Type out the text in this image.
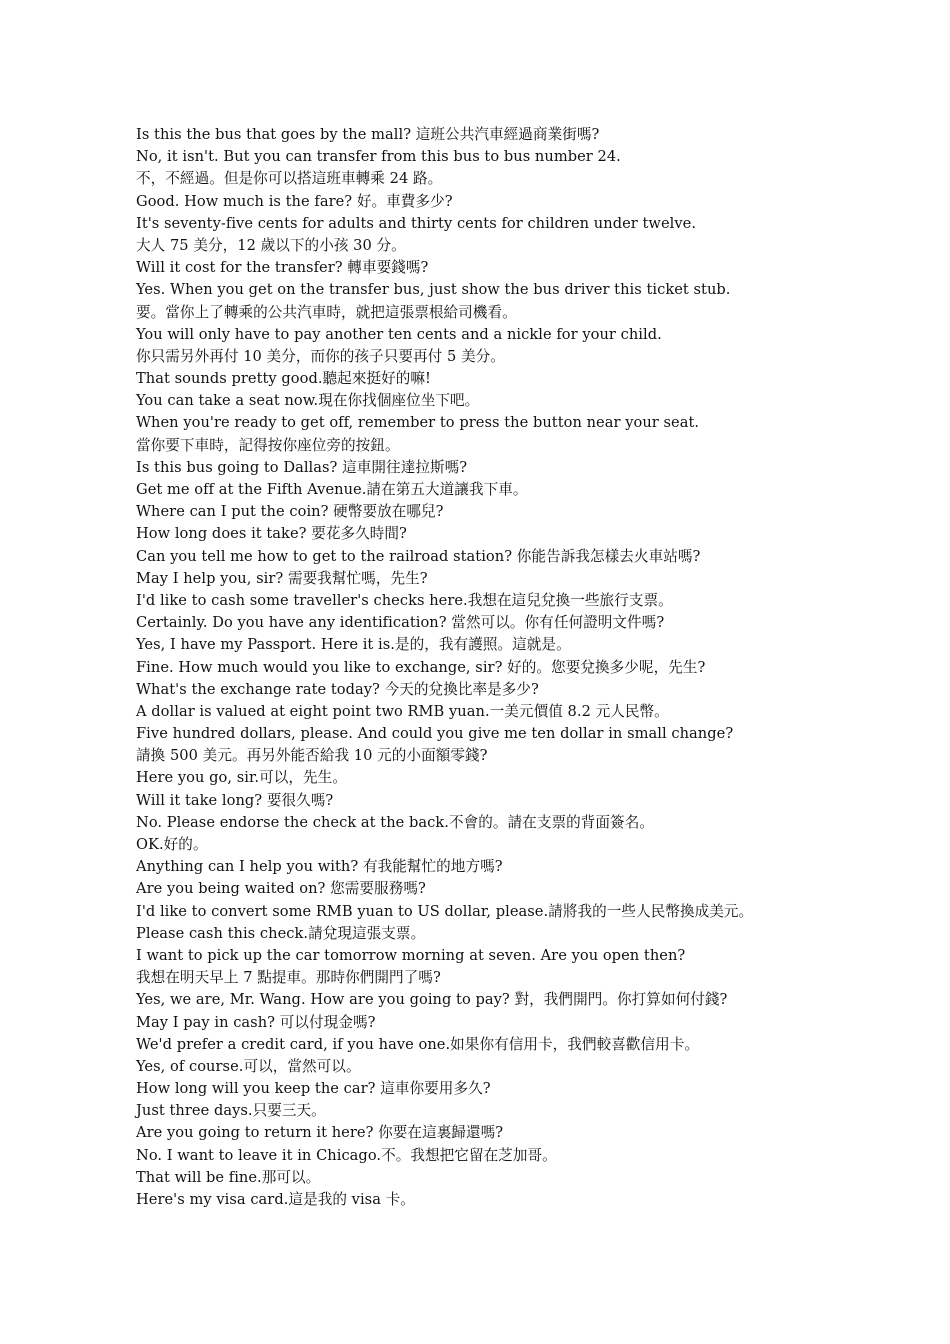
Is this the bus that goes by the mall? 這班公共汽車經過商業街嗎?
No, it isn't. But you can transfer from this bus to bus number 24.
不，不經過。但是你可以搭這班車轉乘 24 路。
Good. How much is the fare? 好。車費多少?
It's seventy-five cents for adults and thirty cents for children under twelve.
大人 75 美分，12 歲以下的小孩 30 分。
Will it cost for the transfer? 轉車要錢嗎?
Yes. When you get on the transfer bus, just show the bus driver this ticket stub.
要。當你上了轉乘的公共汽車時，就把這張票根給司機看。
You will only have to pay another ten cents and a nickle for your child.
你只需另外再付 10 美分，而你的孩子只要再付 5 美分。
That sounds pretty good.聽起來挺好的嘛!
You can take a seat now.現在你找個座位坐下吧。
When you're ready to get off, remember to press the button near your seat.
當你要下車時，記得按你座位旁的按鈕。
Is this bus going to Dallas? 這車開往達拉斯嗎?
Get me off at the Fifth Avenue.請在第五大道讓我下車。
Where can I put the coin? 硬幣要放在哪兒?
How long does it take? 要花多久時間?
Can you tell me how to get to the railroad station? 你能告訴我怎樣去火車站嗎?
May I help you, sir? 需要我幫忙嗎，先生?
I'd like to cash some traveller's checks here.我想在這兒兌換一些旅行支票。
Certainly. Do you have any identification? 當然可以。你有任何證明文件嗎?
Yes, I have my Passport. Here it is.是的，我有護照。這就是。
Fine. How much would you like to exchange, sir? 好的。您要兌換多少呢，先生?
What's the exchange rate today? 今天的兌換比率是多少?
A dollar is valued at eight point two RMB yuan.一美元價值 8.2 元人民幣。
Five hundred dollars, please. And could you give me ten dollar in small change?
請換 500 美元。再另外能否給我 10 元的小面額零錢?
Here you go, sir.可以，先生。
Will it take long? 要很久嗎?
No. Please endorse the check at the back.不會的。請在支票的背面簽名。
OK.好的。
Anything can I help you with? 有我能幫忙的地方嗎?
Are you being waited on? 您需要服務嗎?
I'd like to convert some RMB yuan to US dollar, please.請將我的一些人民幣換成美元。
Please cash this check.請兌現這張支票。
I want to pick up the car tomorrow morning at seven. Are you open then?
我想在明天早上 7 點提車。那時你們開門了嗎?
Yes, we are, Mr. Wang. How are you going to pay? 對，我們開門。你打算如何付錢?
May I pay in cash? 可以付現金嗎?
We'd prefer a credit card, if you have one.如果你有信用卡，我們較喜歡信用卡。
Yes, of course.可以，當然可以。
How long will you keep the car? 這車你要用多久?
Just three days.只要三天。
Are you going to return it here? 你要在這裏歸還嗎?
No. I want to leave it in Chicago.不。我想把它留在芝加哥。
That will be fine.那可以。
Here's my visa card.這是我的 visa 卡。
